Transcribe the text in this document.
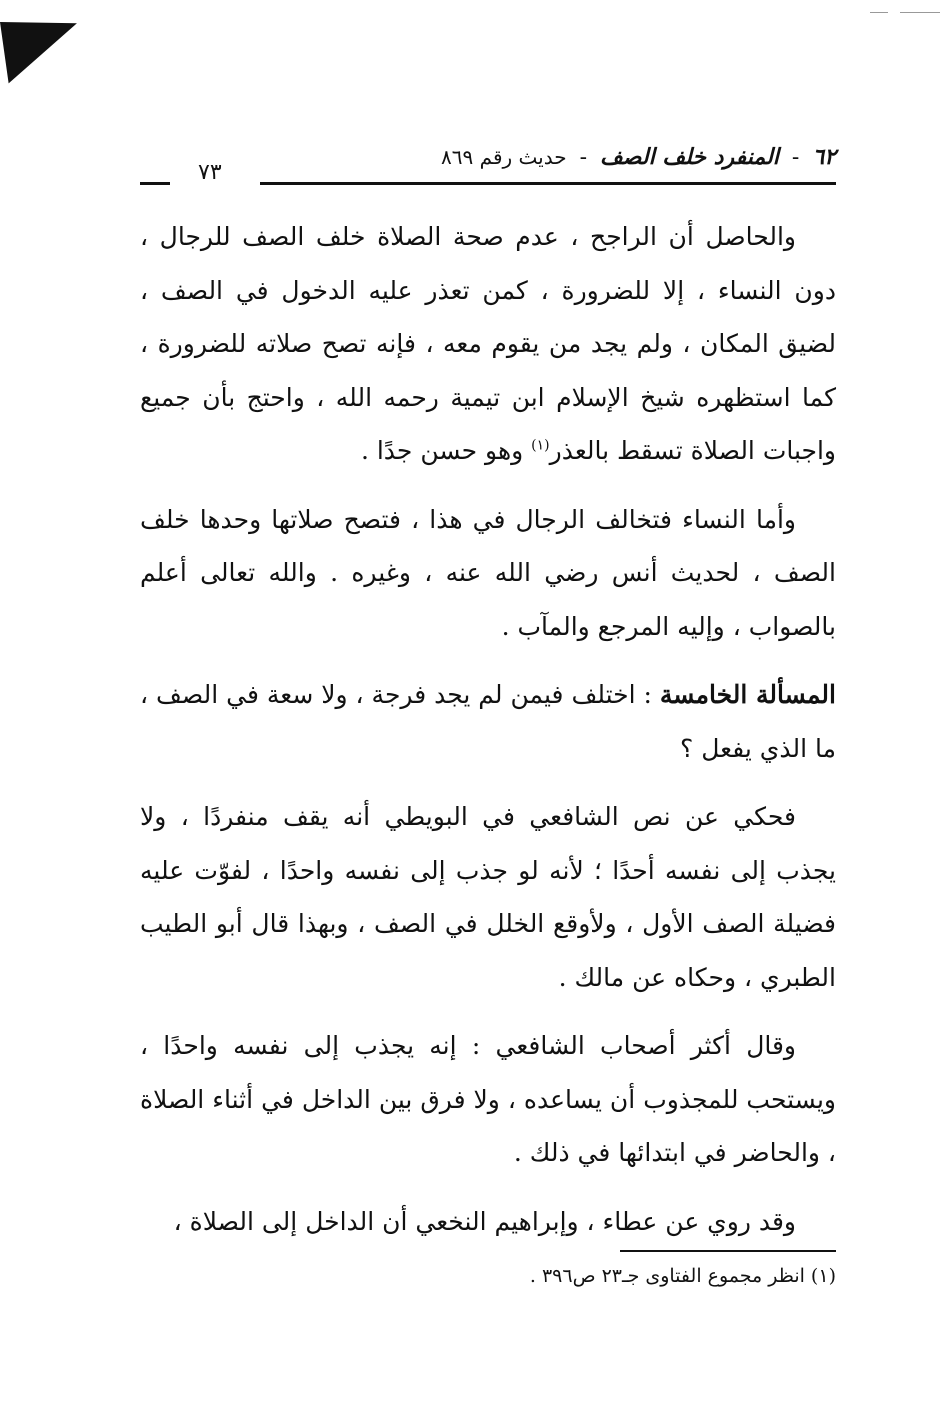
٦٢ - المنفرد خلف الصف - حديث رقم ٨٦٩
٧٣

والحاصل أن الراجح ، عدم صحة الصلاة خلف الصف للرجال ، دون النساء ، إلا للضرورة ، كمن تعذر عليه الدخول في الصف ، لضيق المكان ، ولم يجد من يقوم معه ، فإنه تصح صلاته للضرورة ، كما استظهره شيخ الإسلام ابن تيمية رحمه الله ، واحتج بأن جميع واجبات الصلاة تسقط بالعذر$^{(١)}$ وهو حسن جدًا .

وأما النساء فتخالف الرجال في هذا ، فتصح صلاتها وحدها خلف الصف ، لحديث أنس رضي الله عنه ، وغيره . والله تعالى أعلم بالصواب ، وإليه المرجع والمآب .

المسألة الخامسة : اختلف فيمن لم يجد فرجة ، ولا سعة في الصف ، ما الذي يفعل ؟

فحكي عن نص الشافعي في البويطي أنه يقف منفردًا ، ولا يجذب إلى نفسه أحدًا ؛ لأنه لو جذب إلى نفسه واحدًا ، لفوّت عليه فضيلة الصف الأول ، ولأوقع الخلل في الصف ، وبهذا قال أبو الطيب الطبري ، وحكاه عن مالك .

وقال أكثر أصحاب الشافعي : إنه يجذب إلى نفسه واحدًا ، ويستحب للمجذوب أن يساعده ، ولا فرق بين الداخل في أثناء الصلاة ، والحاضر في ابتدائها في ذلك .

وقد روي عن عطاء ، وإبراهيم النخعي أن الداخل إلى الصلاة ،

(١) انظر مجموع الفتاوى جـ٢٣ ص٣٩٦ .
